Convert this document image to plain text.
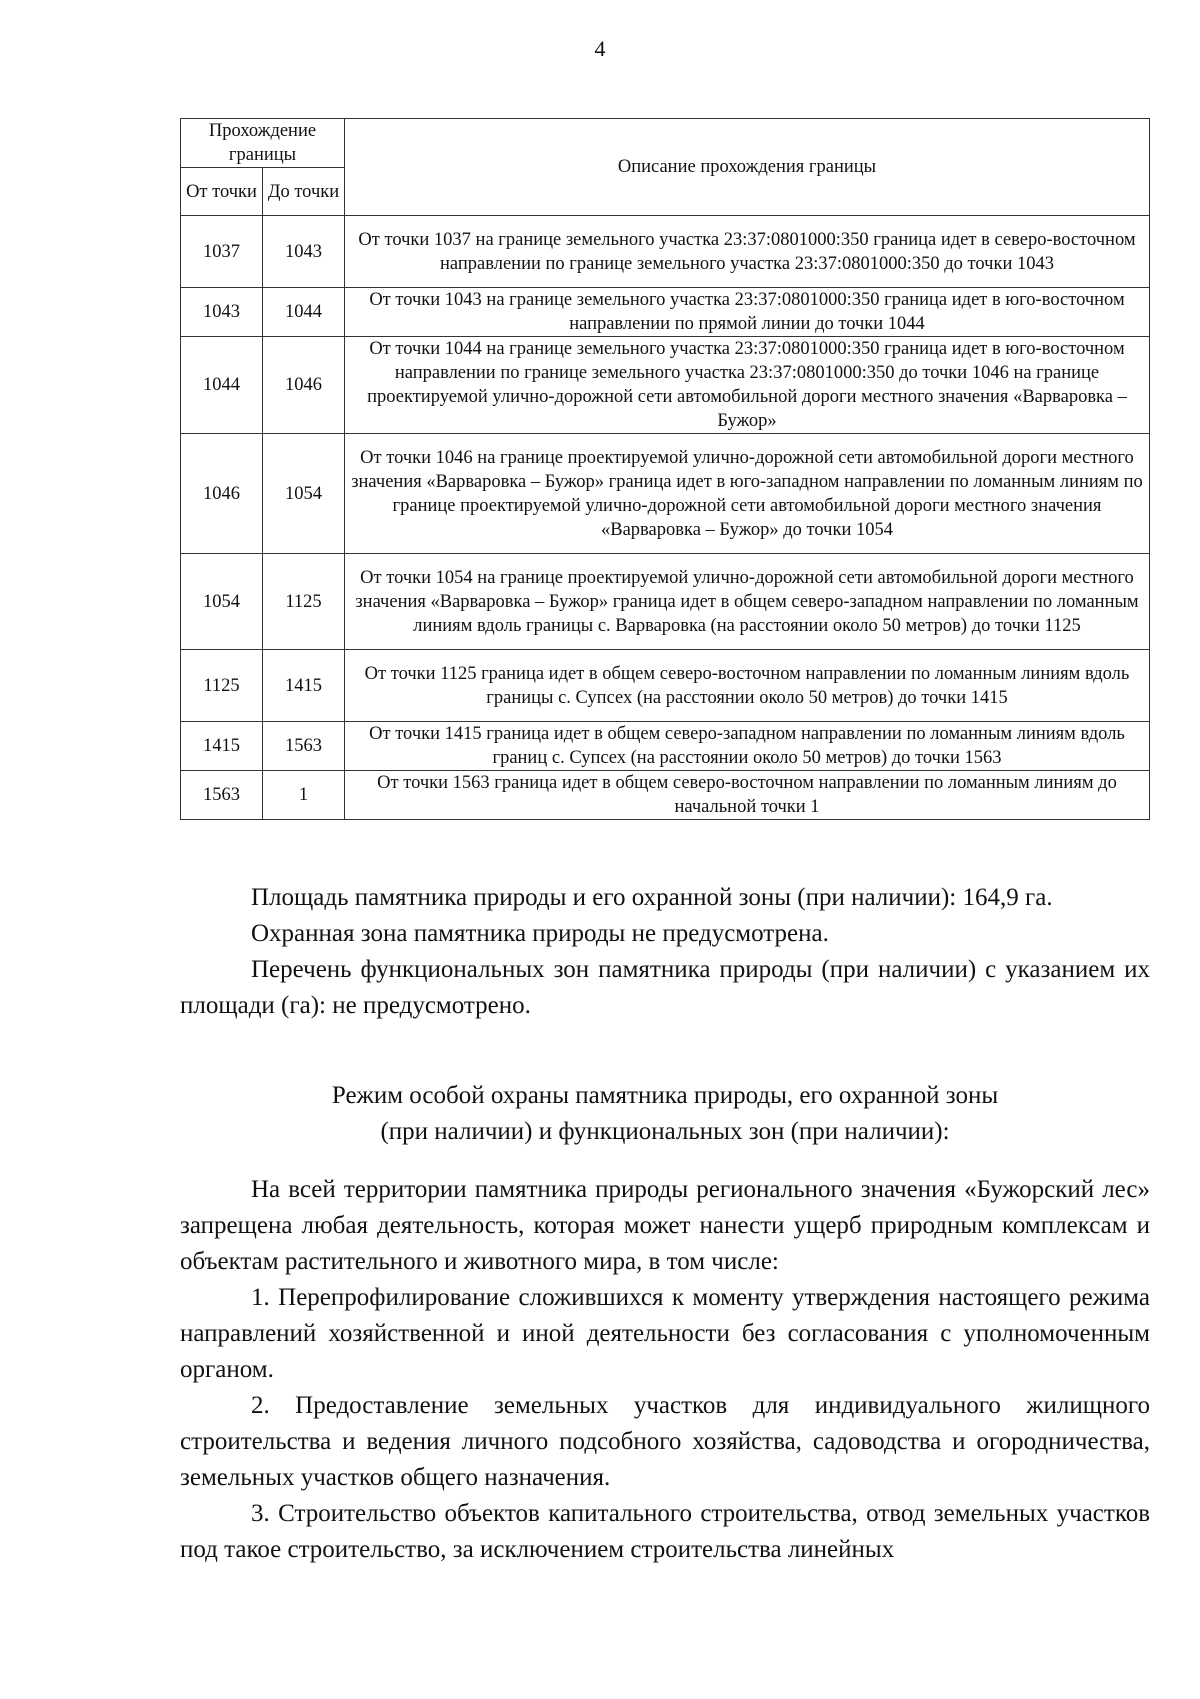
4
Прохождение границы		Описание прохождения границы
От точки	До точки	
1037	1043	От точки 1037 на границе земельного участка 23:37:0801000:350 граница идет в северо-восточном направлении по границе земельного участка 23:37:0801000:350 до точки 1043
1043	1044	От точки 1043 на границе земельного участка 23:37:0801000:350 граница идет в юго-восточном направлении по прямой линии до точки 1044
1044	1046	От точки 1044 на границе земельного участка 23:37:0801000:350 граница идет в юго-восточном направлении по границе земельного участка 23:37:0801000:350 до точки 1046 на границе проектируемой улично-дорожной сети автомобильной дороги местного значения «Варваровка – Бужор»
1046	1054	От точки 1046 на границе проектируемой улично-дорожной сети автомобильной дороги местного значения «Варваровка – Бужор» граница идет в юго-западном направлении по ломанным линиям по границе проектируемой улично-дорожной сети автомобильной дороги местного значения «Варваровка – Бужор» до точки 1054
1054	1125	От точки 1054 на границе проектируемой улично-дорожной сети автомобильной дороги местного значения «Варваровка – Бужор» граница идет в общем северо-западном направлении по ломанным линиям вдоль границы с. Варваровка (на расстоянии около 50 метров) до точки 1125
1125	1415	От точки 1125 граница идет в общем северо-восточном направлении по ломанным линиям вдоль границы с. Супсех (на расстоянии около 50 метров) до точки 1415
1415	1563	От точки 1415 граница идет в общем северо-западном направлении по ломанным линиям вдоль границ с. Супсех (на расстоянии около 50 метров) до точки 1563
1563	1	От точки 1563 граница идет в общем северо-восточном направлении по ломанным линиям до начальной точки 1

Площадь памятника природы и его охранной зоны (при наличии): 164,9 га.

Охранная зона памятника природы не предусмотрена.

Перечень функциональных зон памятника природы (при наличии) с указанием их площади (га): не предусмотрено.

Режим особой охраны памятника природы, его охранной зоны
(при наличии) и функциональных зон (при наличии):

На всей территории памятника природы регионального значения «Бужорский лес» запрещена любая деятельность, которая может нанести ущерб природным комплексам и объектам растительного и животного мира, в том числе:

1. Перепрофилирование сложившихся к моменту утверждения настоящего режима направлений хозяйственной и иной деятельности без согласования с уполномоченным органом.

2. Предоставление земельных участков для индивидуального жилищного строительства и ведения личного подсобного хозяйства, садоводства и огородничества, земельных участков общего назначения.

3. Строительство объектов капитального строительства, отвод земельных участков под такое строительство, за исключением строительства линейных
